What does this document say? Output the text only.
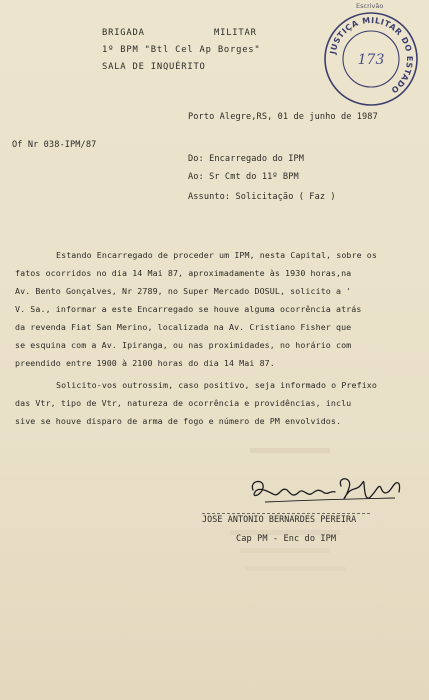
BRIGADA	MILITAR
1º BPM "Btl Cel Ap Borges"
SALA DE INQUÉRITO
Escrivão
JUSTIÇA MILITAR DO ESTADO
173
Porto Alegre,RS, 01 de junho de 1987
Of Nr 038-IPM/87
Do: Encarregado do IPM
Ao: Sr Cmt do 11º BPM
Assunto: Solicitação ( Faz )
Estando Encarregado de proceder um IPM, nesta Capital, sobre os
fatos ocorridos no dia 14 Mai 87, aproximadamente às 1930 horas,na
Av. Bento Gonçalves, Nr 2789, no Super Mercado DOSUL, solicito a '
V. Sa., informar a este Encarregado se houve alguma ocorrência atrás
da revenda Fiat San Merino, localizada na Av. Cristiano Fisher que
se esquina com a Av. Ipiranga, ou nas proximidades, no horário com
preendido entre 1900 à 2100 horas do dia 14 Mai 87.
Solicito-vos outrossim, caso positivo, seja informado o Prefixo
das Vtr, tipo de Vtr, natureza de ocorrência e providências, inclu
sive se houve disparo de arma de fogo e número de PM envolvidos.
JOSE ANTONIO BERNARDES PEREIRA
Cap PM - Enc do IPM
